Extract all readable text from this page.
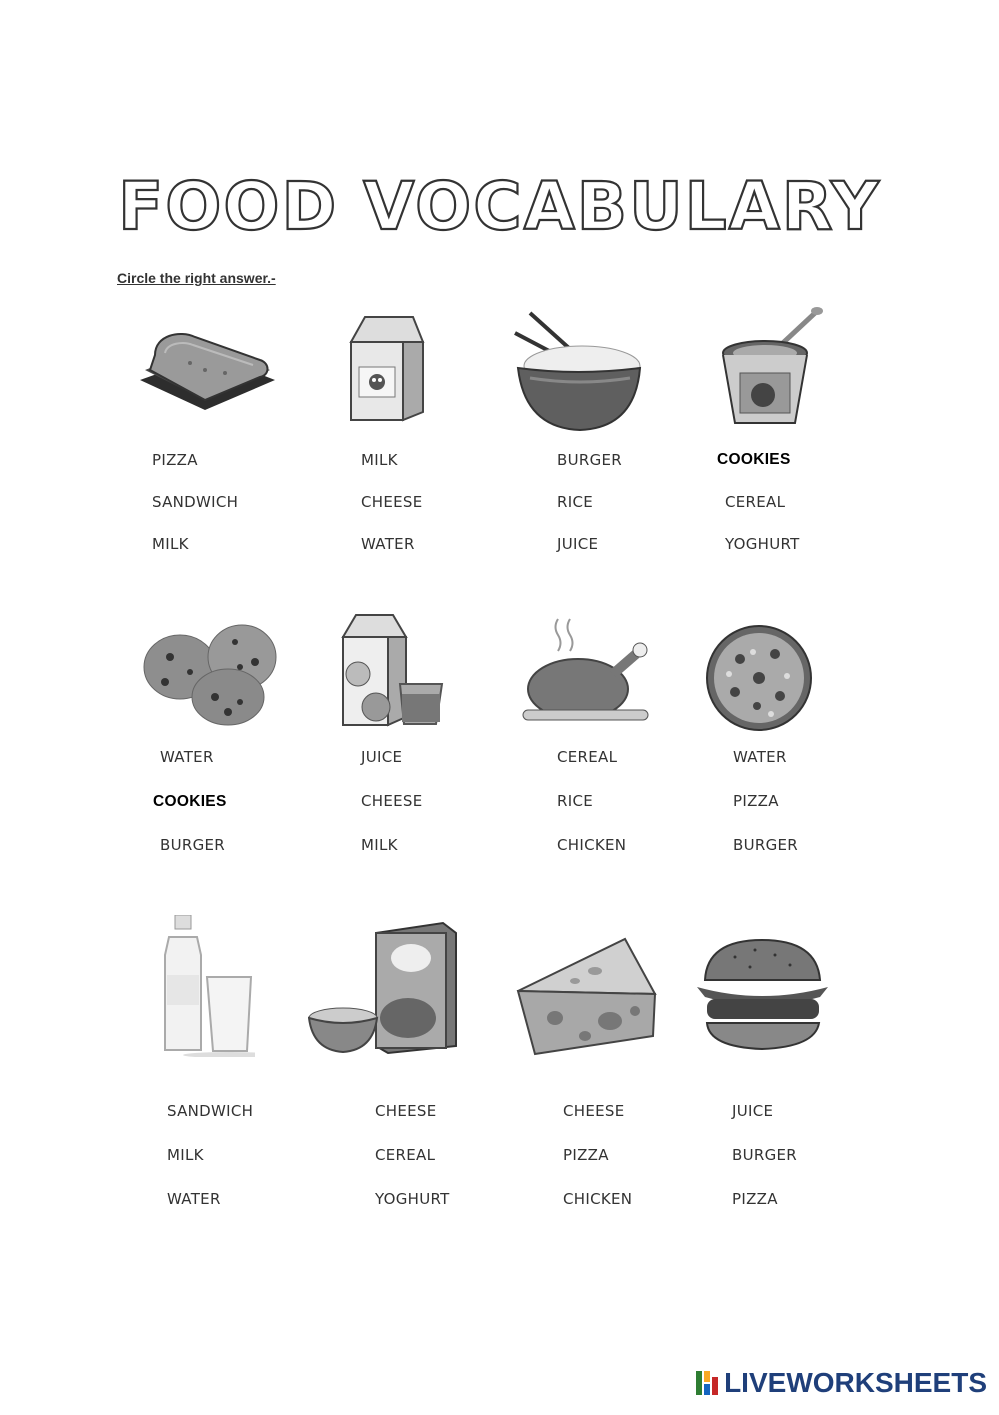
FOOD VOCABULARY
Circle the right answer.-
PIZZA
SANDWICH
MILK
MILK
CHEESE
WATER
BURGER
RICE
JUICE
COOKIES
CEREAL
YOGHURT
WATER
COOKIES
BURGER
JUICE
CHEESE
MILK
CEREAL
RICE
CHICKEN
WATER
PIZZA
BURGER
SANDWICH
MILK
WATER
CHEESE
CEREAL
YOGHURT
CHEESE
PIZZA
CHICKEN
JUICE
BURGER
PIZZA
LIVEWORKSHEETS
